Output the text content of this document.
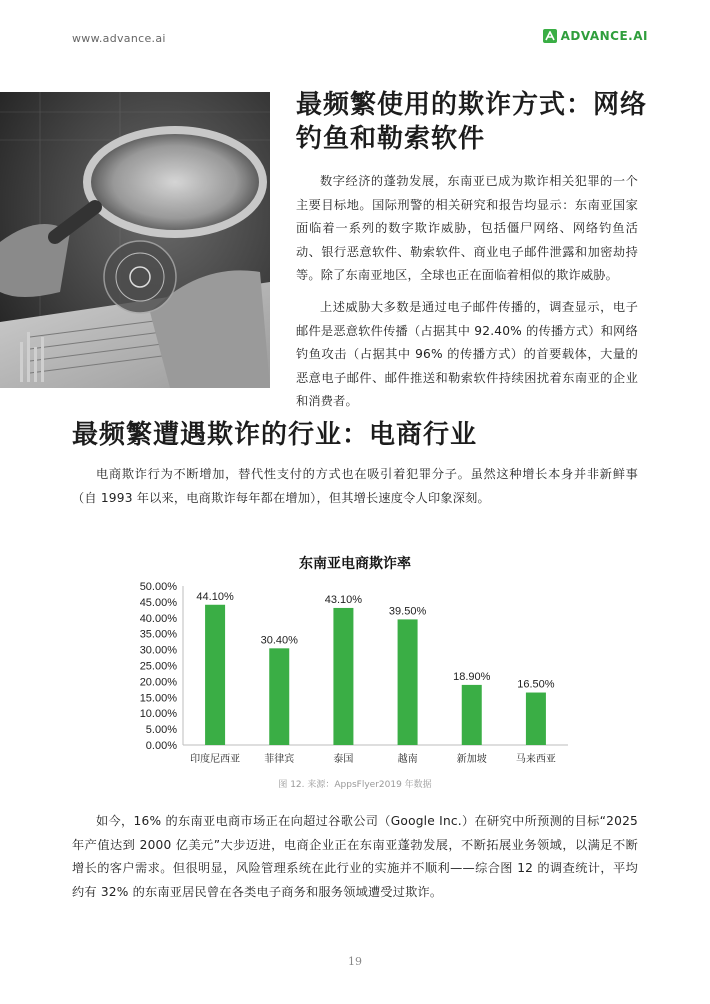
www.advance.ai	ADVANCE.AI
最频繁使用的欺诈方式：网络钓鱼和勒索软件
数字经济的蓬勃发展，东南亚已成为欺诈相关犯罪的一个主要目标地。国际刑警的相关研究和报告均显示：东南亚国家面临着一系列的数字欺诈威胁，包括僵尸网络、网络钓鱼活动、银行恶意软件、勒索软件、商业电子邮件泄露和加密劫持等。除了东南亚地区，全球也正在面临着相似的欺诈威胁。
上述威胁大多数是通过电子邮件传播的，调查显示，电子邮件是恶意软件传播（占据其中 92.40% 的传播方式）和网络钓鱼攻击（占据其中 96% 的传播方式）的首要载体，大量的恶意电子邮件、邮件推送和勒索软件持续困扰着东南亚的企业和消费者。
最频繁遭遇欺诈的行业：电商行业
电商欺诈行为不断增加，替代性支付的方式也在吸引着犯罪分子。虽然这种增长本身并非新鲜事（自 1993 年以来，电商欺诈每年都在增加），但其增长速度令人印象深刻。
东南亚电商欺诈率
0.00%
5.00%
10.00%
15.00%
20.00%
25.00%
30.00%
35.00%
40.00%
45.00%
50.00%
44.10%
印度尼西亚
30.40%
菲律宾
43.10%
泰国
39.50%
越南
18.90%
新加坡
16.50%
马来西亚
图 12. 来源：AppsFlyer2019 年数据
如今，16% 的东南亚电商市场正在向超过谷歌公司（Google Inc.）在研究中所预测的目标“2025 年产值达到 2000 亿美元”大步迈进，电商企业正在东南亚蓬勃发展，不断拓展业务领域，以满足不断增长的客户需求。但很明显，风险管理系统在此行业的实施并不顺利——综合图 12 的调查统计，平均约有 32% 的东南亚居民曾在各类电子商务和服务领域遭受过欺诈。
19
